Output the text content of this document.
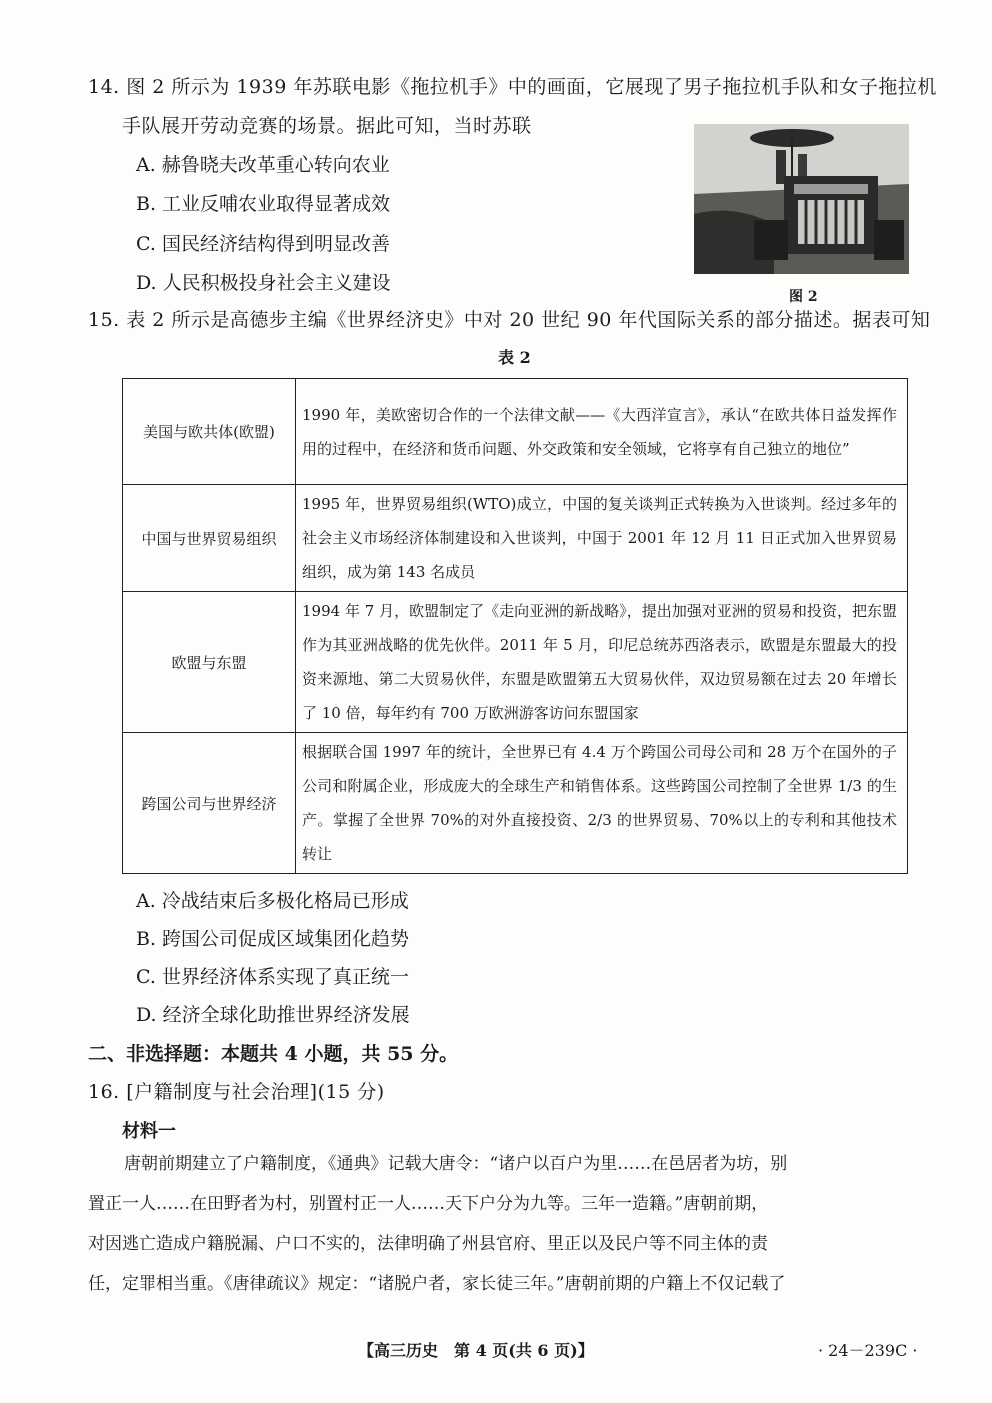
14. 图 2 所示为 1939 年苏联电影《拖拉机手》中的画面，它展现了男子拖拉机手队和女子拖拉机
手队展开劳动竞赛的场景。据此可知，当时苏联
A. 赫鲁晓夫改革重心转向农业
B. 工业反哺农业取得显著成效
C. 国民经济结构得到明显改善
D. 人民积极投身社会主义建设
图 2
15. 表 2 所示是高德步主编《世界经济史》中对 20 世纪 90 年代国际关系的部分描述。据表可知
表 2
美国与欧共体(欧盟)	1990 年，美欧密切合作的一个法律文献——《大西洋宣言》，承认“在欧共体日益发挥作用的过程中，在经济和货币问题、外交政策和安全领域，它将享有自己独立的地位”
中国与世界贸易组织	1995 年，世界贸易组织(WTO)成立，中国的复关谈判正式转换为入世谈判。经过多年的社会主义市场经济体制建设和入世谈判，中国于 2001 年 12 月 11 日正式加入世界贸易组织，成为第 143 名成员
欧盟与东盟	1994 年 7 月，欧盟制定了《走向亚洲的新战略》，提出加强对亚洲的贸易和投资，把东盟作为其亚洲战略的优先伙伴。2011 年 5 月，印尼总统苏西洛表示，欧盟是东盟最大的投资来源地、第二大贸易伙伴，东盟是欧盟第五大贸易伙伴，双边贸易额在过去 20 年增长了 10 倍，每年约有 700 万欧洲游客访问东盟国家
跨国公司与世界经济	根据联合国 1997 年的统计，全世界已有 4.4 万个跨国公司母公司和 28 万个在国外的子公司和附属企业，形成庞大的全球生产和销售体系。这些跨国公司控制了全世界 1/3 的生产。掌握了全世界 70%的对外直接投资、2/3 的世界贸易、70%以上的专利和其他技术转让
A. 冷战结束后多极化格局已形成
B. 跨国公司促成区域集团化趋势
C. 世界经济体系实现了真正统一
D. 经济全球化助推世界经济发展
二、非选择题：本题共 4 小题，共 55 分。
16. [户籍制度与社会治理](15 分)
材料一
唐朝前期建立了户籍制度，《通典》记载大唐令：“诸户以百户为里……在邑居者为坊，别
置正一人……在田野者为村，别置村正一人……天下户分为九等。三年一造籍。”唐朝前期，
对因逃亡造成户籍脱漏、户口不实的，法律明确了州县官府、里正以及民户等不同主体的责
任，定罪相当重。《唐律疏议》规定：“诸脱户者，家长徒三年。”唐朝前期的户籍上不仅记载了
【高三历史　第 4 页(共 6 页)】	· 24－239C ·
